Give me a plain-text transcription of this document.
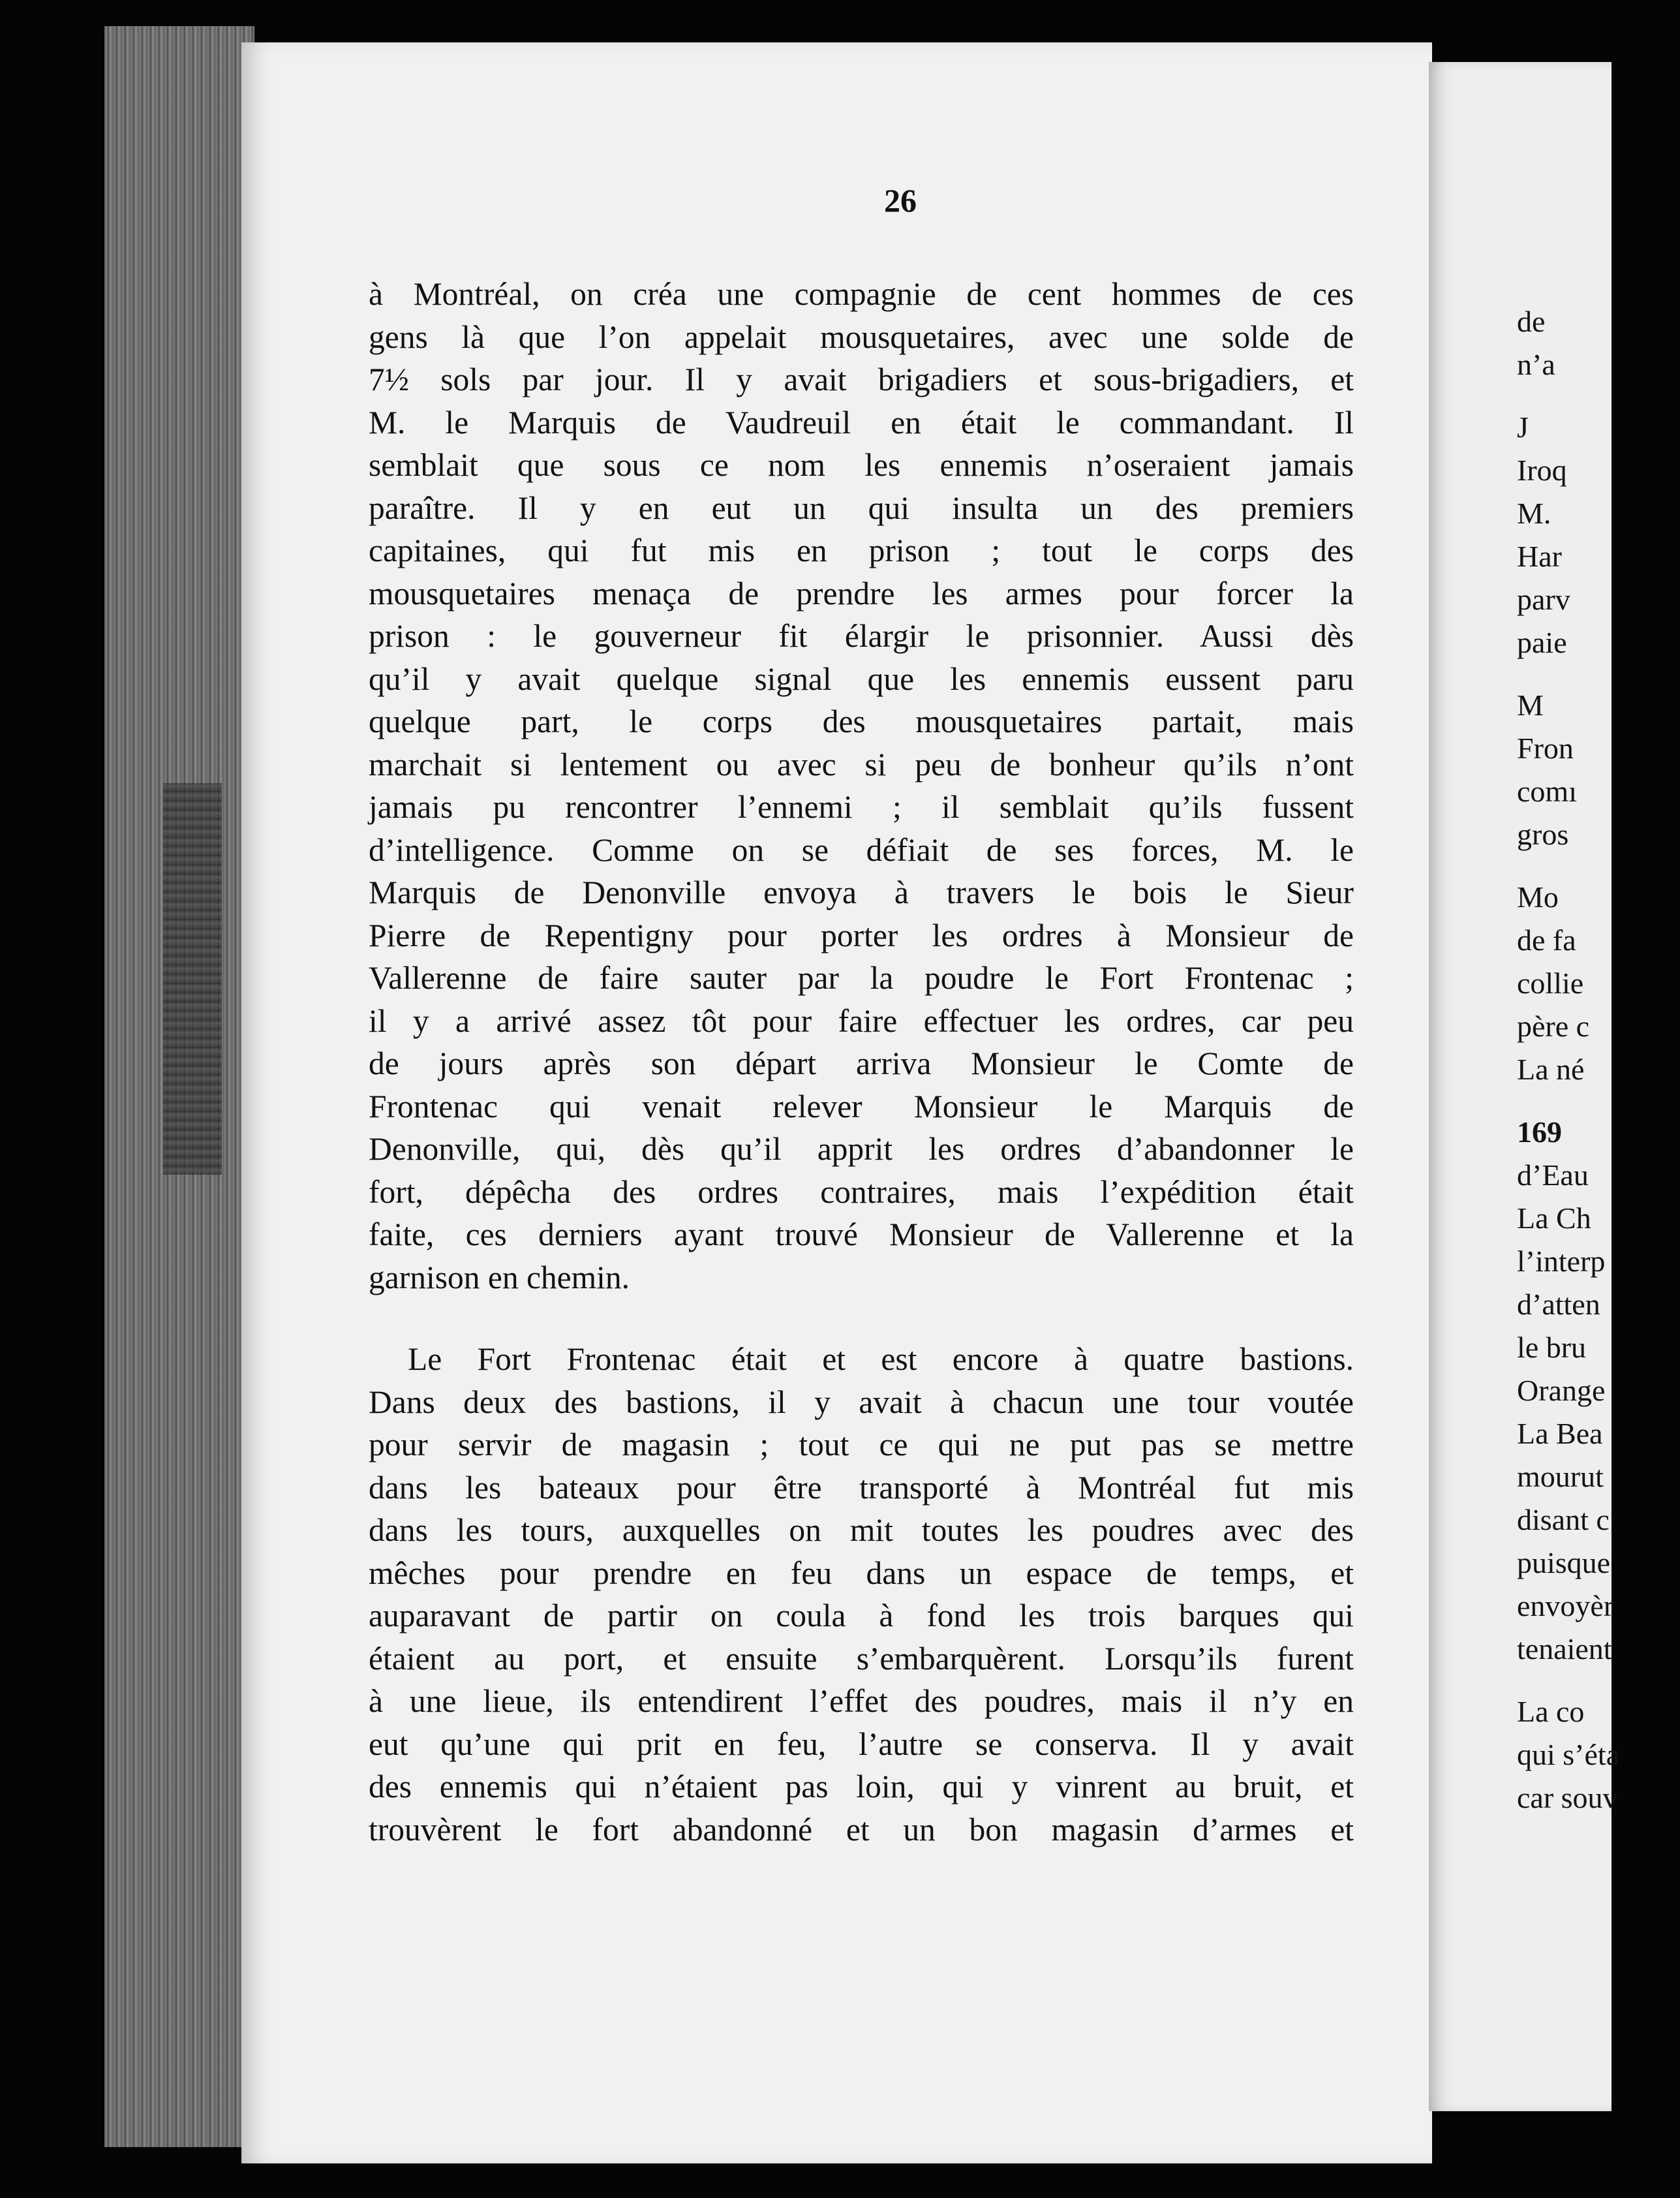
26
à Montréal, on créa une compagnie de cent hommes de ces
gens là que l’on appelait mousquetaires, avec une solde de
7½ sols par jour. Il y avait brigadiers et sous-brigadiers, et
M. le Marquis de Vaudreuil en était le commandant. Il
semblait que sous ce nom les ennemis n’oseraient jamais
paraître. Il y en eut un qui insulta un des premiers
capitaines, qui fut mis en prison ; tout le corps des
mousquetaires menaça de prendre les armes pour forcer la
prison : le gouverneur fit élargir le prisonnier. Aussi dès
qu’il y avait quelque signal que les ennemis eussent paru
quelque part, le corps des mousquetaires partait, mais
marchait si lentement ou avec si peu de bonheur qu’ils n’ont
jamais pu rencontrer l’ennemi ; il semblait qu’ils fussent
d’intelligence. Comme on se défiait de ses forces, M. le
Marquis de Denonville envoya à travers le bois le Sieur
Pierre de Repentigny pour porter les ordres à Monsieur de
Vallerenne de faire sauter par la poudre le Fort Frontenac ;
il y a arrivé assez tôt pour faire effectuer les ordres, car peu
de jours après son départ arriva Monsieur le Comte de
Frontenac qui venait relever Monsieur le Marquis de
Denonville, qui, dès qu’il apprit les ordres d’abandonner le
fort, dépêcha des ordres contraires, mais l’expédition était
faite, ces derniers ayant trouvé Monsieur de Vallerenne et la
garnison en chemin.
Le Fort Frontenac était et est encore à quatre bastions.
Dans deux des bastions, il y avait à chacun une tour voutée
pour servir de magasin ; tout ce qui ne put pas se mettre
dans les bateaux pour être transporté à Montréal fut mis
dans les tours, auxquelles on mit toutes les poudres avec des
mêches pour prendre en feu dans un espace de temps, et
auparavant de partir on coula à fond les trois barques qui
étaient au port, et ensuite s’embarquèrent. Lorsqu’ils furent
à une lieue, ils entendirent l’effet des poudres, mais il n’y en
eut qu’une qui prit en feu, l’autre se conserva. Il y avait
des ennemis qui n’étaient pas loin, qui y vinrent au bruit, et
trouvèrent le fort abandonné et un bon magasin d’armes et
de
n’a
J
Iroq
M.
Har
parv
paie
M
Fron
comı
gros
Mo
de fa
collie
père c
La né
169
d’Eau
La Ch
l’interp
d’atten
le bru
Orange
La Bea
mourut
disant c
puisque
envoyèr
tenaient
La co
qui s’éta
car souv
